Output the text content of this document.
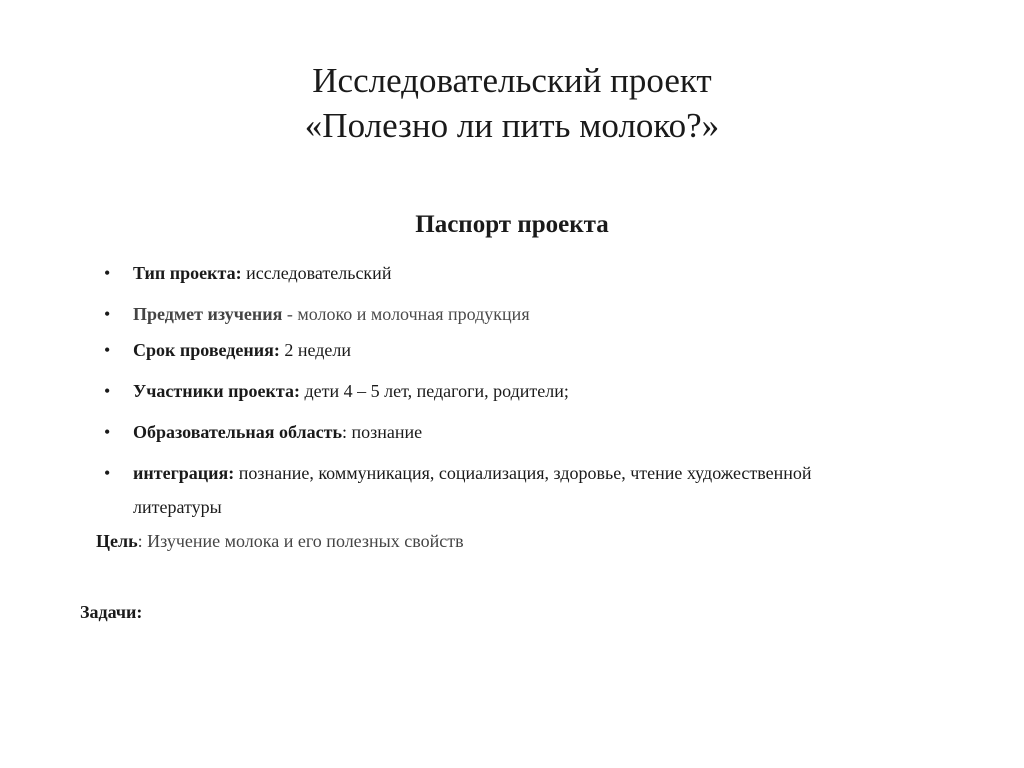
Исследовательский проект
«Полезно ли пить молоко?»
Паспорт проекта
• Тип проекта: исследовательский
• Предмет изучения - молоко и молочная продукция
• Срок проведения: 2 недели
• Участники проекта: дети 4 – 5 лет, педагоги, родители;
• Образовательная область: познание
• интеграция: познание, коммуникация, социализация, здоровье, чтение художественной
литературы
Цель: Изучение молока и его полезных свойств
Задачи:
